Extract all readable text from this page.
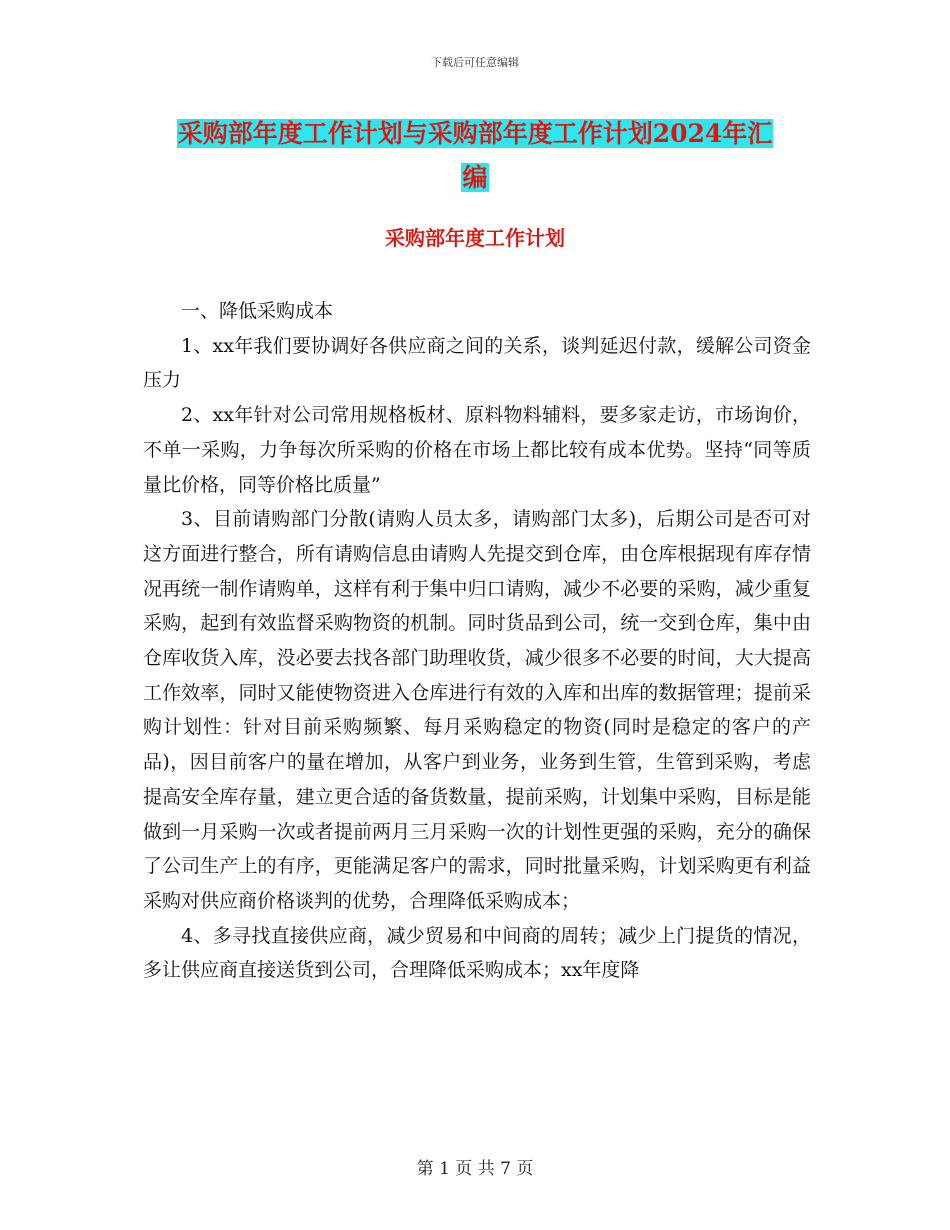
下载后可任意编辑
采购部年度工作计划与采购部年度工作计划2024年汇
编
采购部年度工作计划

一、降低采购成本

1、xx年我们要协调好各供应商之间的关系，谈判延迟付款，缓解公司资金压力

2、xx年针对公司常用规格板材、原料物料辅料，要多家走访，市场询价，不单一采购，力争每次所采购的价格在市场上都比较有成本优势。坚持“同等质量比价格，同等价格比质量”

3、目前请购部门分散(请购人员太多，请购部门太多)，后期公司是否可对这方面进行整合，所有请购信息由请购人先提交到仓库，由仓库根据现有库存情况再统一制作请购单，这样有利于集中归口请购，减少不必要的采购，减少重复采购，起到有效监督采购物资的机制。同时货品到公司，统一交到仓库，集中由仓库收货入库，没必要去找各部门助理收货，减少很多不必要的时间，大大提高工作效率，同时又能使物资进入仓库进行有效的入库和出库的数据管理；提前采购计划性：针对目前采购频繁、每月采购稳定的物资(同时是稳定的客户的产品)，因目前客户的量在增加，从客户到业务，业务到生管，生管到采购，考虑提高安全库存量，建立更合适的备货数量，提前采购，计划集中采购，目标是能做到一月采购一次或者提前两月三月采购一次的计划性更强的采购，充分的确保了公司生产上的有序，更能满足客户的需求，同时批量采购，计划采购更有利益采购对供应商价格谈判的优势，合理降低采购成本；

4、多寻找直接供应商，减少贸易和中间商的周转；减少上门提货的情况，多让供应商直接送货到公司，合理降低采购成本；xx年度降

第 1 页 共 7 页
